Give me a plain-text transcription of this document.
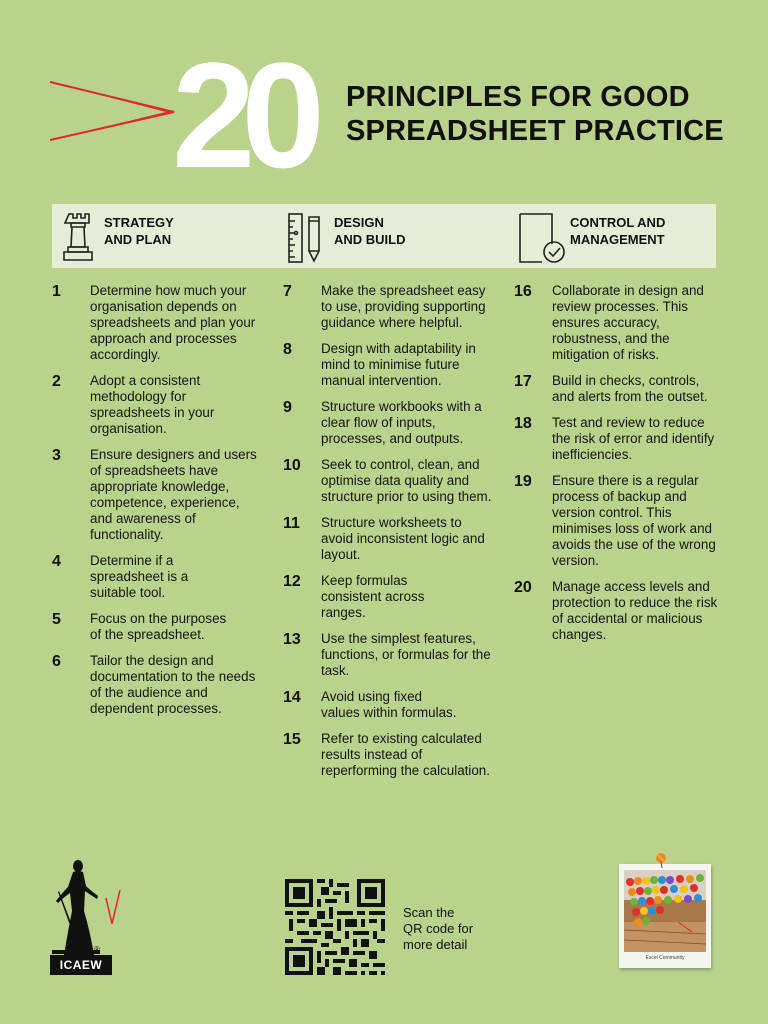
20 PRINCIPLES FOR GOOD SPREADSHEET PRACTICE
STRATEGY
AND PLAN
DESIGN
AND BUILD
CONTROL AND
MANAGEMENT
1 Determine how much your organisation depends on spreadsheets and plan your approach and processes accordingly.
2 Adopt a consistent methodology for spreadsheets in your organisation.
3 Ensure designers and users of spreadsheets have appropriate knowledge, competence, experience, and awareness of functionality.
4 Determine if a spreadsheet is a suitable tool.
5 Focus on the purposes of the spreadsheet.
6 Tailor the design and documentation to the needs of the audience and dependent processes.
7 Make the spreadsheet easy to use, providing supporting guidance where helpful.
8 Design with adaptability in mind to minimise future manual intervention.
9 Structure workbooks with a clear flow of inputs, processes, and outputs.
10 Seek to control, clean, and optimise data quality and structure prior to using them.
11 Structure worksheets to avoid inconsistent logic and layout.
12 Keep formulas consistent across ranges.
13 Use the simplest features, functions, or formulas for the task.
14 Avoid using fixed values within formulas.
15 Refer to existing calculated results instead of reperforming the calculation.
16 Collaborate in design and review processes. This ensures accuracy, robustness, and the mitigation of risks.
17 Build in checks, controls, and alerts from the outset.
18 Test and review to reduce the risk of error and identify inefficiencies.
19 Ensure there is a regular process of backup and version control. This minimises loss of work and avoids the use of the wrong version.
20 Manage access levels and protection to reduce the risk of accidental or malicious changes.
®
ICAEW
Scan the
QR code for
more detail
Excel Community
